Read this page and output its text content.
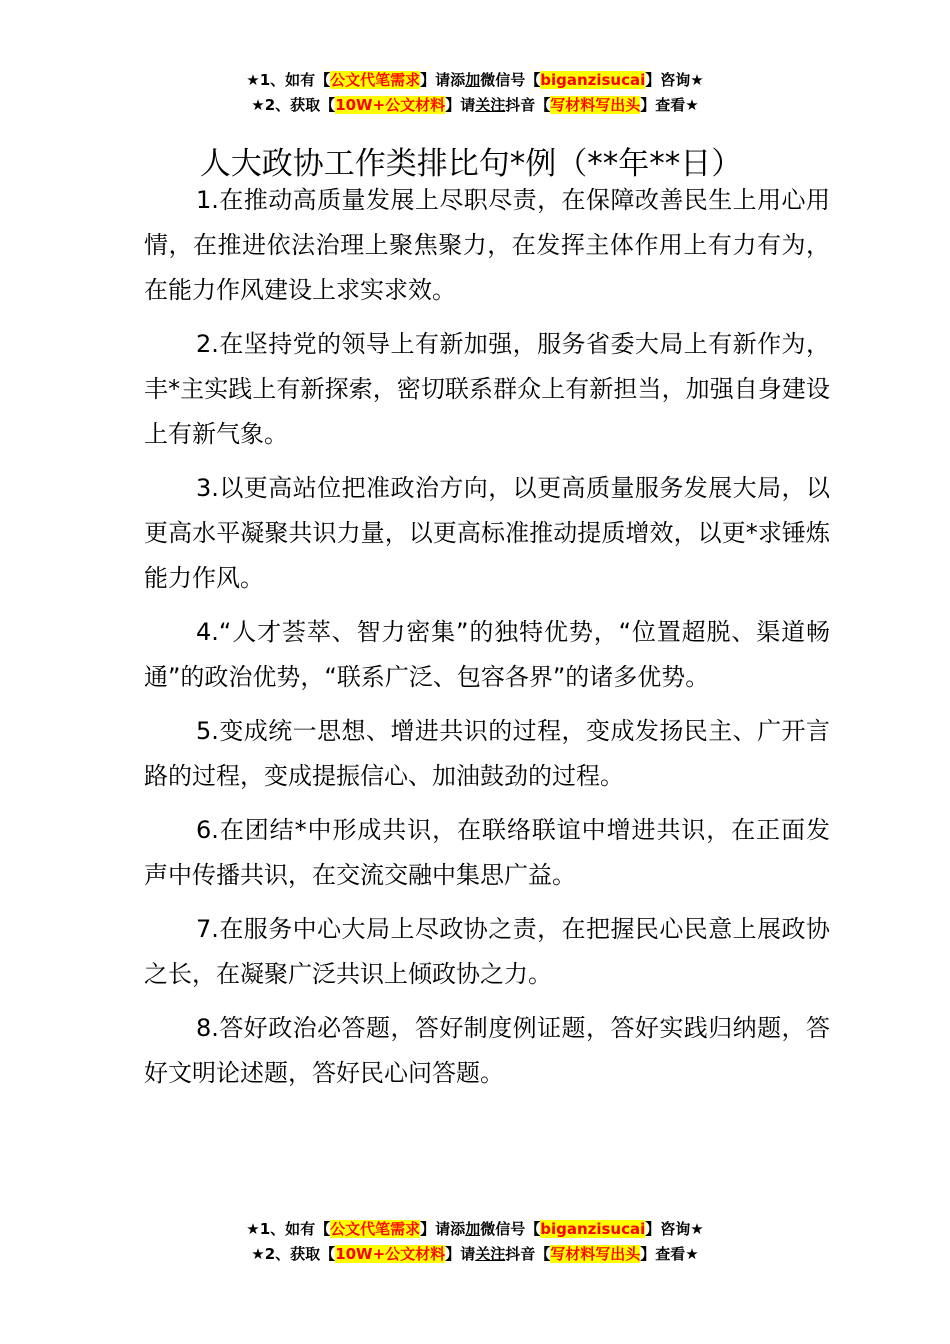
★1、如有【公文代笔需求】请添加微信号【biganzisucai】咨询★
★2、获取【10W+公文材料】请关注抖音【写材料写出头】查看★
人大政协工作类排比句*例（**年**日）

1.在推动高质量发展上尽职尽责，在保障改善民生上用心用情，在推进依法治理上聚焦聚力，在发挥主体作用上有力有为，在能力作风建设上求实求效。

2.在坚持党的领导上有新加强，服务省委大局上有新作为，丰*主实践上有新探索，密切联系群众上有新担当，加强自身建设上有新气象。

3.以更高站位把准政治方向，以更高质量服务发展大局，以更高水平凝聚共识力量，以更高标准推动提质增效，以更*求锤炼能力作风。

4.“人才荟萃、智力密集”的独特优势，“位置超脱、渠道畅通”的政治优势，“联系广泛、包容各界”的诸多优势。

5.变成统一思想、增进共识的过程，变成发扬民主、广开言路的过程，变成提振信心、加油鼓劲的过程。

6.在团结*中形成共识，在联络联谊中增进共识，在正面发声中传播共识，在交流交融中集思广益。

7.在服务中心大局上尽政协之责，在把握民心民意上展政协之长，在凝聚广泛共识上倾政协之力。

8.答好政治必答题，答好制度例证题，答好实践归纳题，答好文明论述题，答好民心问答题。

★1、如有【公文代笔需求】请添加微信号【biganzisucai】咨询★
★2、获取【10W+公文材料】请关注抖音【写材料写出头】查看★
